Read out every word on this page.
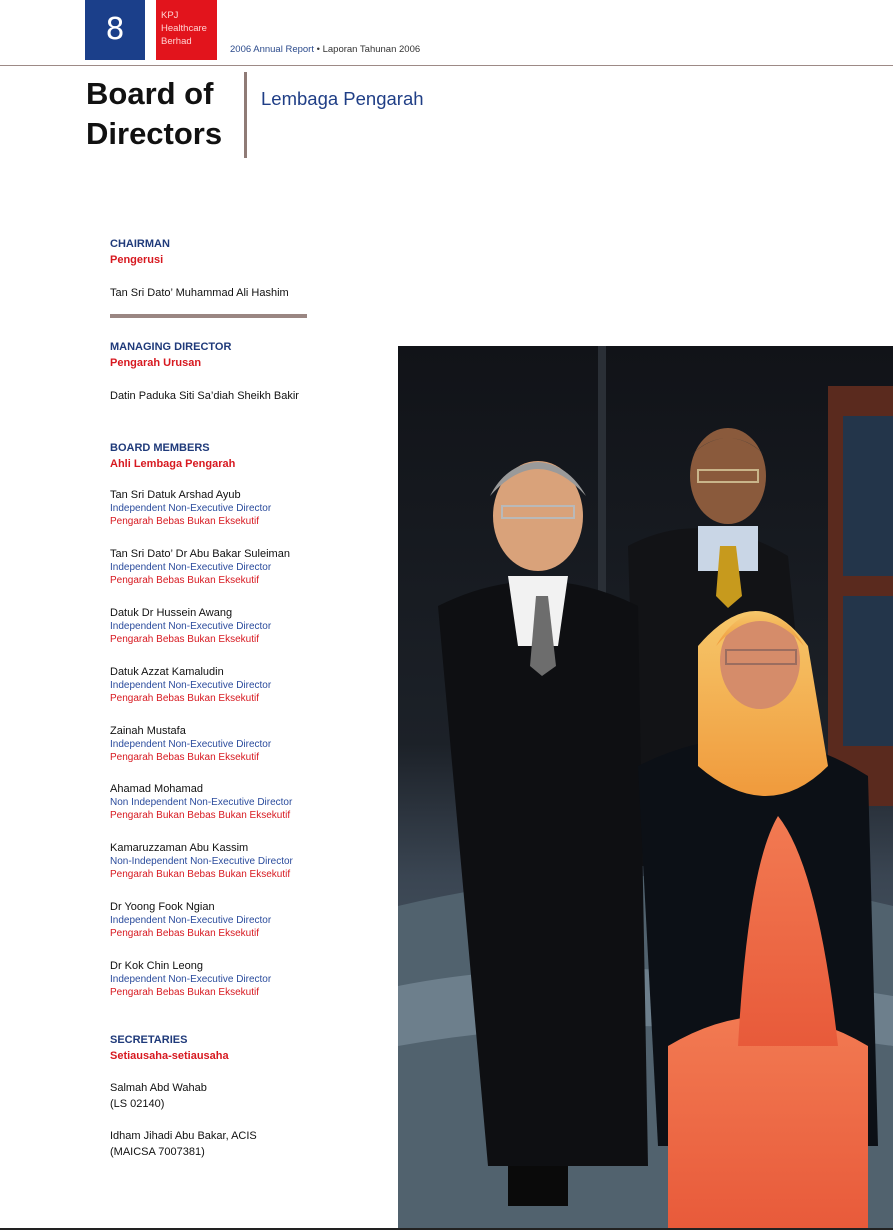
8	KPJ Healthcare Berhad
2006 Annual Report • Laporan Tahunan 2006
Board of Directors
Lembaga Pengarah
CHAIRMAN
Pengerusi
Tan Sri Dato’ Muhammad Ali Hashim
MANAGING DIRECTOR
Pengarah Urusan
Datin Paduka Siti Sa’diah Sheikh Bakir
BOARD MEMBERS
Ahli Lembaga Pengarah
Tan Sri Datuk Arshad Ayub
Independent Non-Executive Director
Pengarah Bebas Bukan Eksekutif
Tan Sri Dato’ Dr Abu Bakar Suleiman
Independent Non-Executive Director
Pengarah Bebas Bukan Eksekutif
Datuk Dr Hussein Awang
Independent Non-Executive Director
Pengarah Bebas Bukan Eksekutif
Datuk Azzat Kamaludin
Independent Non-Executive Director
Pengarah Bebas Bukan Eksekutif
Zainah Mustafa
Independent Non-Executive Director
Pengarah Bebas Bukan Eksekutif
Ahamad Mohamad
Non Independent Non-Executive Director
Pengarah Bukan Bebas Bukan Eksekutif
Kamaruzzaman Abu Kassim
Non-Independent Non-Executive Director
Pengarah Bukan Bebas Bukan Eksekutif
Dr Yoong Fook Ngian
Independent Non-Executive Director
Pengarah Bebas Bukan Eksekutif
Dr Kok Chin Leong
Independent Non-Executive Director
Pengarah Bebas Bukan Eksekutif
SECRETARIES
Setiausaha-setiausaha
Salmah Abd Wahab
(LS 02140)
Idham Jihadi Abu Bakar, ACIS
(MAICSA 7007381)
